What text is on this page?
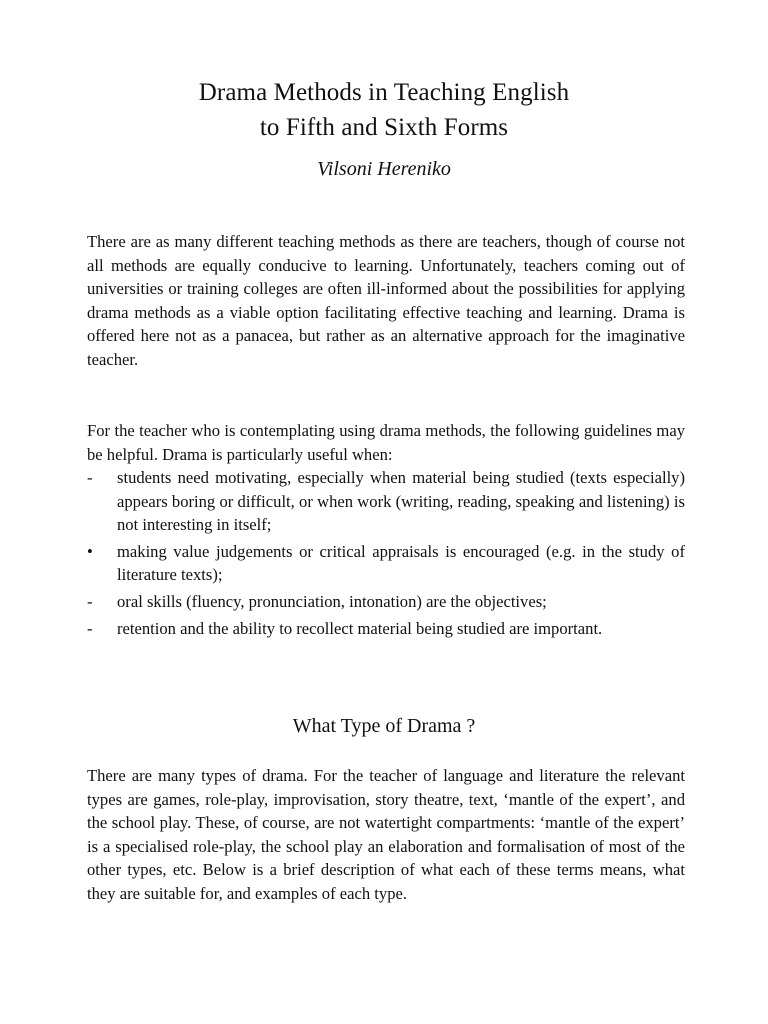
Drama Methods in Teaching English
to Fifth and Sixth Forms
Vilsoni Hereniko

There are as many different teaching methods as there are teachers, though of course not all methods are equally conducive to learning. Unfortunately, teachers coming out of universities or training colleges are often ill-informed about the possibilities for applying drama methods as a viable option facilitating effective teaching and learning. Drama is offered here not as a panacea, but rather as an alternative approach for the imaginative teacher.

For the teacher who is contemplating using drama methods, the following guidelines may be helpful. Drama is particularly useful when:

- students need motivating, especially when material being studied (texts especially) appears boring or difficult, or when work (writing, reading, speaking and listening) is not interesting in itself;
• making value judgements or critical appraisals is encouraged (e.g. in the study of literature texts);
- oral skills (fluency, pronunciation, intonation) are the objectives;
- retention and the ability to recollect material being studied are important.
What Type of Drama ?

There are many types of drama. For the teacher of language and literature the relevant types are games, role-play, improvisation, story theatre, text, ‘mantle of the expert’, and the school play. These, of course, are not watertight compartments: ‘mantle of the expert’ is a specialised role-play, the school play an elaboration and formalisation of most of the other types, etc. Below is a brief description of what each of these terms means, what they are suitable for, and examples of each type.
